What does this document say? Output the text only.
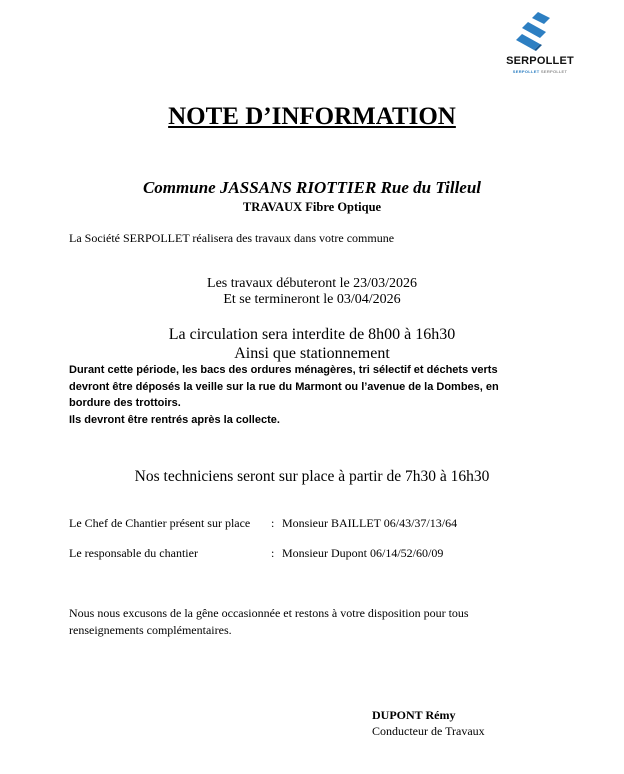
SERPOLLET
SERPOLLET SERPOLLET
NOTE D’INFORMATION
Commune JASSANS RIOTTIER Rue du Tilleul
TRAVAUX Fibre Optique
La Société SERPOLLET réalisera des travaux dans votre commune
Les travaux débuteront le 23/03/2026
Et se termineront le 03/04/2026
La circulation sera interdite de 8h00 à 16h30
Ainsi que stationnement

Durant cette période, les bacs des ordures ménagères, tri sélectif et déchets verts devront être déposés la veille sur la rue du Marmont ou l’avenue de la Dombes, en bordure des trottoirs.

Ils devront être rentrés après la collecte.

Nos techniciens seront sur place à partir de 7h30 à 16h30
Le Chef de Chantier présent sur place : Monsieur BAILLET 06/43/37/13/64
Le responsable du chantier	: Monsieur Dupont 06/14/52/60/09
Nous nous excusons de la gêne occasionnée et restons à votre disposition pour tous renseignements complémentaires.
DUPONT Rémy
Conducteur de Travaux
